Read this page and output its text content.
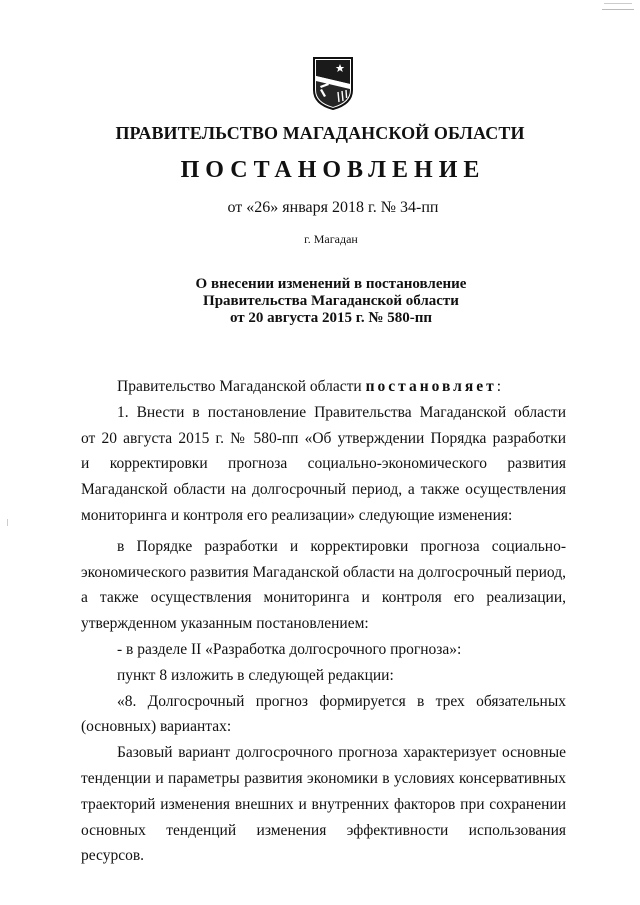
ПРАВИТЕЛЬСТВО МАГАДАНСКОЙ ОБЛАСТИ
ПОСТАНОВЛЕНИЕ
от «26» января 2018 г. № 34-пп
г. Магадан
О внесении изменений в постановление
Правительства Магаданской области
от 20 августа 2015 г. № 580-пп

Правительство Магаданской области постановляет:

1. Внести в постановление Правительства Магаданской области

от 20 августа 2015 г. № 580-пп «Об утверждении Порядка разработки

и корректировки прогноза социально-экономического развития

Магаданской области на долгосрочный период, а также осуществления

мониторинга и контроля его реализации» следующие изменения:

в Порядке разработки и корректировки прогноза социально-

экономического развития Магаданской области на долгосрочный период,

а также осуществления мониторинга и контроля его реализации,

утвержденном указанным постановлением:

- в разделе II «Разработка долгосрочного прогноза»:

пункт 8 изложить в следующей редакции:

«8. Долгосрочный прогноз формируется в трех обязательных

(основных) вариантах:

Базовый вариант долгосрочного прогноза характеризует основные

тенденции и параметры развития экономики в условиях консервативных

траекторий изменения внешних и внутренних факторов при сохранении

основных тенденций изменения эффективности использования ресурсов.
